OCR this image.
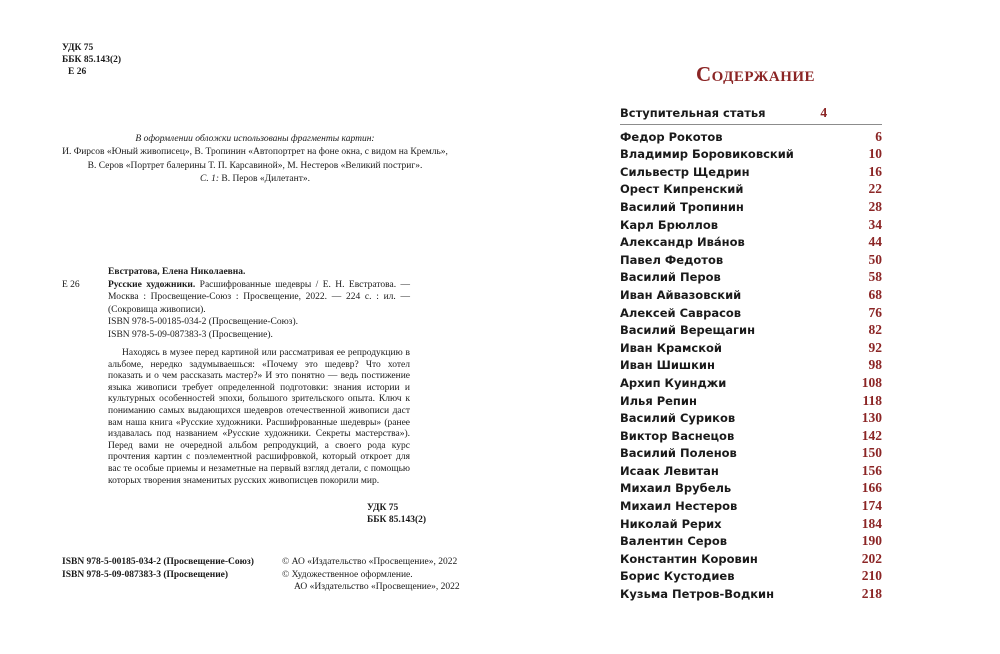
УДК 75
ББК 85.143(2)
Е 26
В оформлении обложки использованы фрагменты картин:
И. Фирсов «Юный живописец», В. Тропинин «Автопортрет на фоне окна, с видом на Кремль»,
В. Серов «Портрет балерины Т. П. Карсавиной», М. Нестеров «Великий постриг».
С. 1: В. Перов «Дилетант».
Е 26
Евстратова, Елена Николаевна.
Русские художники. Расшифрованные шедевры / Е. Н. Евстратова. — Москва : Просвещение-Союз : Просвещение, 2022. — 224 с. : ил. — (Сокровища живописи).
ISBN 978-5-00185-034-2 (Просвещение-Союз).
ISBN 978-5-09-087383-3 (Просвещение).

Находясь в музее перед картиной или рассматривая ее репродукцию в альбоме, нередко задумываешься: «Почему это шедевр? Что хотел показать и о чем рассказать мастер?» И это понятно — ведь постижение языка живописи требует определенной подготовки: знания истории и культурных особенностей эпохи, большого зрительского опыта. Ключ к пониманию самых выдающихся шедевров отечественной живописи даст вам наша книга «Русские художники. Расшифрованные шедевры» (ранее издавалась под названием «Русские художники. Секреты мастерства»). Перед вами не очередной альбом репродукций, а своего рода курс прочтения картин с поэлементной расшифровкой, который откроет для вас те особые приемы и незаметные на первый взгляд детали, с помощью которых творения знаменитых русских живописцев покорили мир.

УДК 75
ББК 85.143(2)
ISBN 978-5-00185-034-2 (Просвещение-Союз)
ISBN 978-5-09-087383-3 (Просвещение)
© АО «Издательство «Просвещение», 2022
© Художественное оформление.
АО «Издательство «Просвещение», 2022
Содержание
Вступительная статья	4
Федор Рокотов	6
Владимир Боровиковский	10
Сильвестр Щедрин	16
Орест Кипренский	22
Василий Тропинин	28
Карл Брюллов	34
Александр Ива́нов	44
Павел Федотов	50
Василий Перов	58
Иван Айвазовский	68
Алексей Саврасов	76
Василий Верещагин	82
Иван Крамской	92
Иван Шишкин	98
Архип Куинджи	108
Илья Репин	118
Василий Суриков	130
Виктор Васнецов	142
Василий Поленов	150
Исаак Левитан	156
Михаил Врубель	166
Михаил Нестеров	174
Николай Рерих	184
Валентин Серов	190
Константин Коровин	202
Борис Кустодиев	210
Кузьма Петров-Водкин	218
